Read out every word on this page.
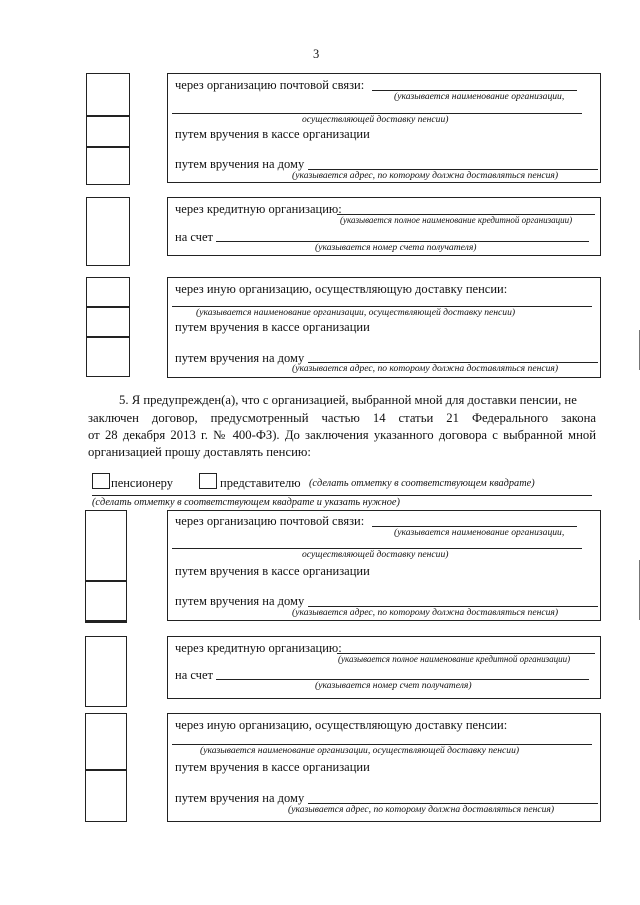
3
через организацию почтовой связи:
(указывается наименование организации,
осуществляющей доставку пенсии)
путем вручения в кассе организации
путем вручения на дому
(указывается адрес, по которому должна доставляться пенсия)
через кредитную организацию:
(указывается полное наименование кредитной организации)
на счет
(указывается номер счета получателя)
через иную организацию, осуществляющую доставку пенсии:
(указывается наименование организации, осуществляющей доставку пенсии)
путем вручения в кассе организации
путем вручения на дому
(указывается адрес, по которому должна доставляться пенсия)
5. Я предупрежден(а), что с организацией, выбранной мной для доставки пенсии, не
заключен договор, предусмотренный частью 14 статьи 21 Федерального закона
от 28 декабря 2013 г. № 400-ФЗ). До заключения указанного договора с выбранной мной
организацией прошу доставлять пенсию:
пенсионеру	представителю (сделать отметку в соответствующем квадрате)
(сделать отметку в соответствующем квадрате и указать нужное)
через организацию почтовой связи:
(указывается наименование организации,
осуществляющей доставку пенсии)
путем вручения в кассе организации
путем вручения на дому
(указывается адрес, по которому должна доставляться пенсия)
через кредитную организацию:
(указывается полное наименование кредитной организации)
на счет
(указывается номер счет получателя)
через иную организацию, осуществляющую доставку пенсии:
(указывается наименование организации, осуществляющей доставку пенсии)
путем вручения в кассе организации
путем вручения на дому
(указывается адрес, по которому должна доставляться пенсия)
